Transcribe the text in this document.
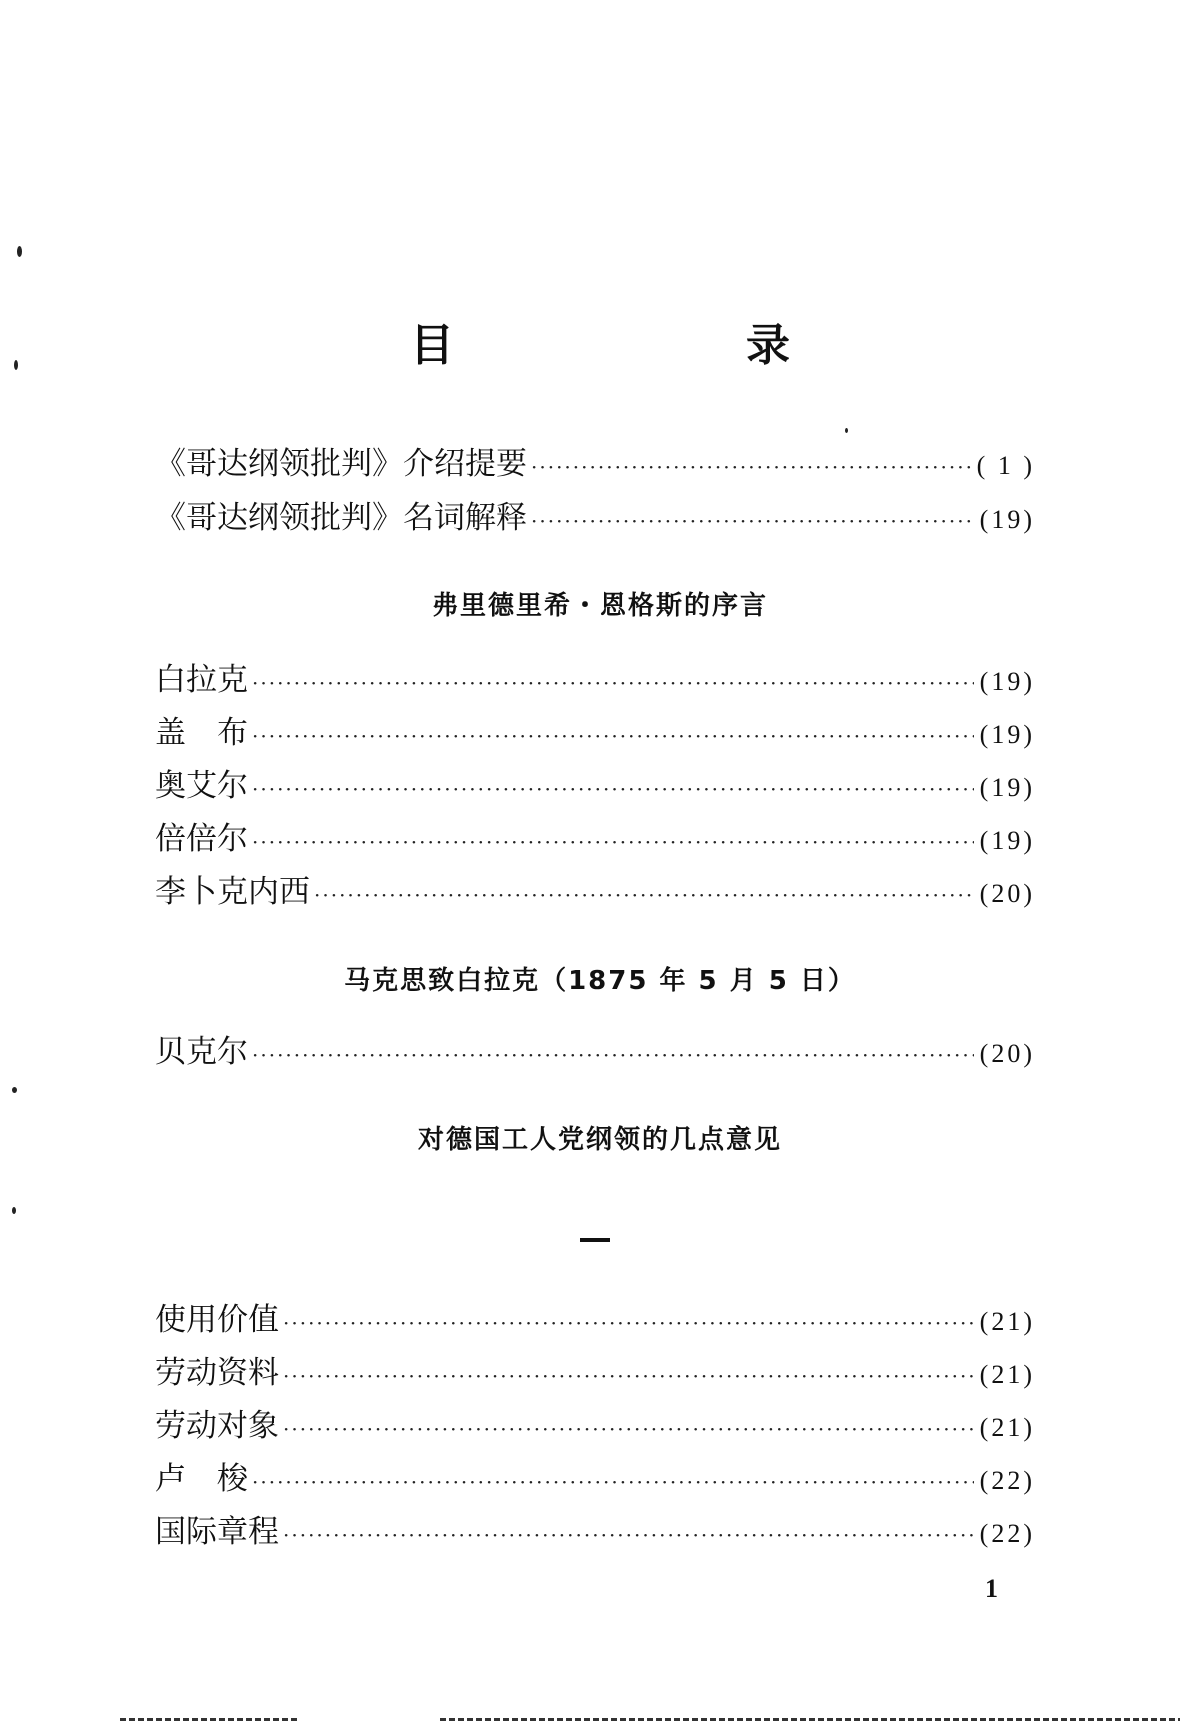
目　　录
《哥达纲领批判》介绍提要 ·····	( 1 )
《哥达纲领批判》名词解释 ·····	(19)
弗里德里希・恩格斯的序言
白拉克 ·····	(19)
盖　布 ·····	(19)
奥艾尔 ·····	(19)
倍倍尔 ·····	(19)
李卜克内西 ·····	(20)
马克思致白拉克（1875 年 5 月 5 日）
贝克尔 ·····	(20)
对德国工人党纲领的几点意见
使用价值 ·····	(21)
劳动资料 ·····	(21)
劳动对象 ·····	(21)
卢　梭 ·····	(22)
国际章程 ·····	(22)
1
